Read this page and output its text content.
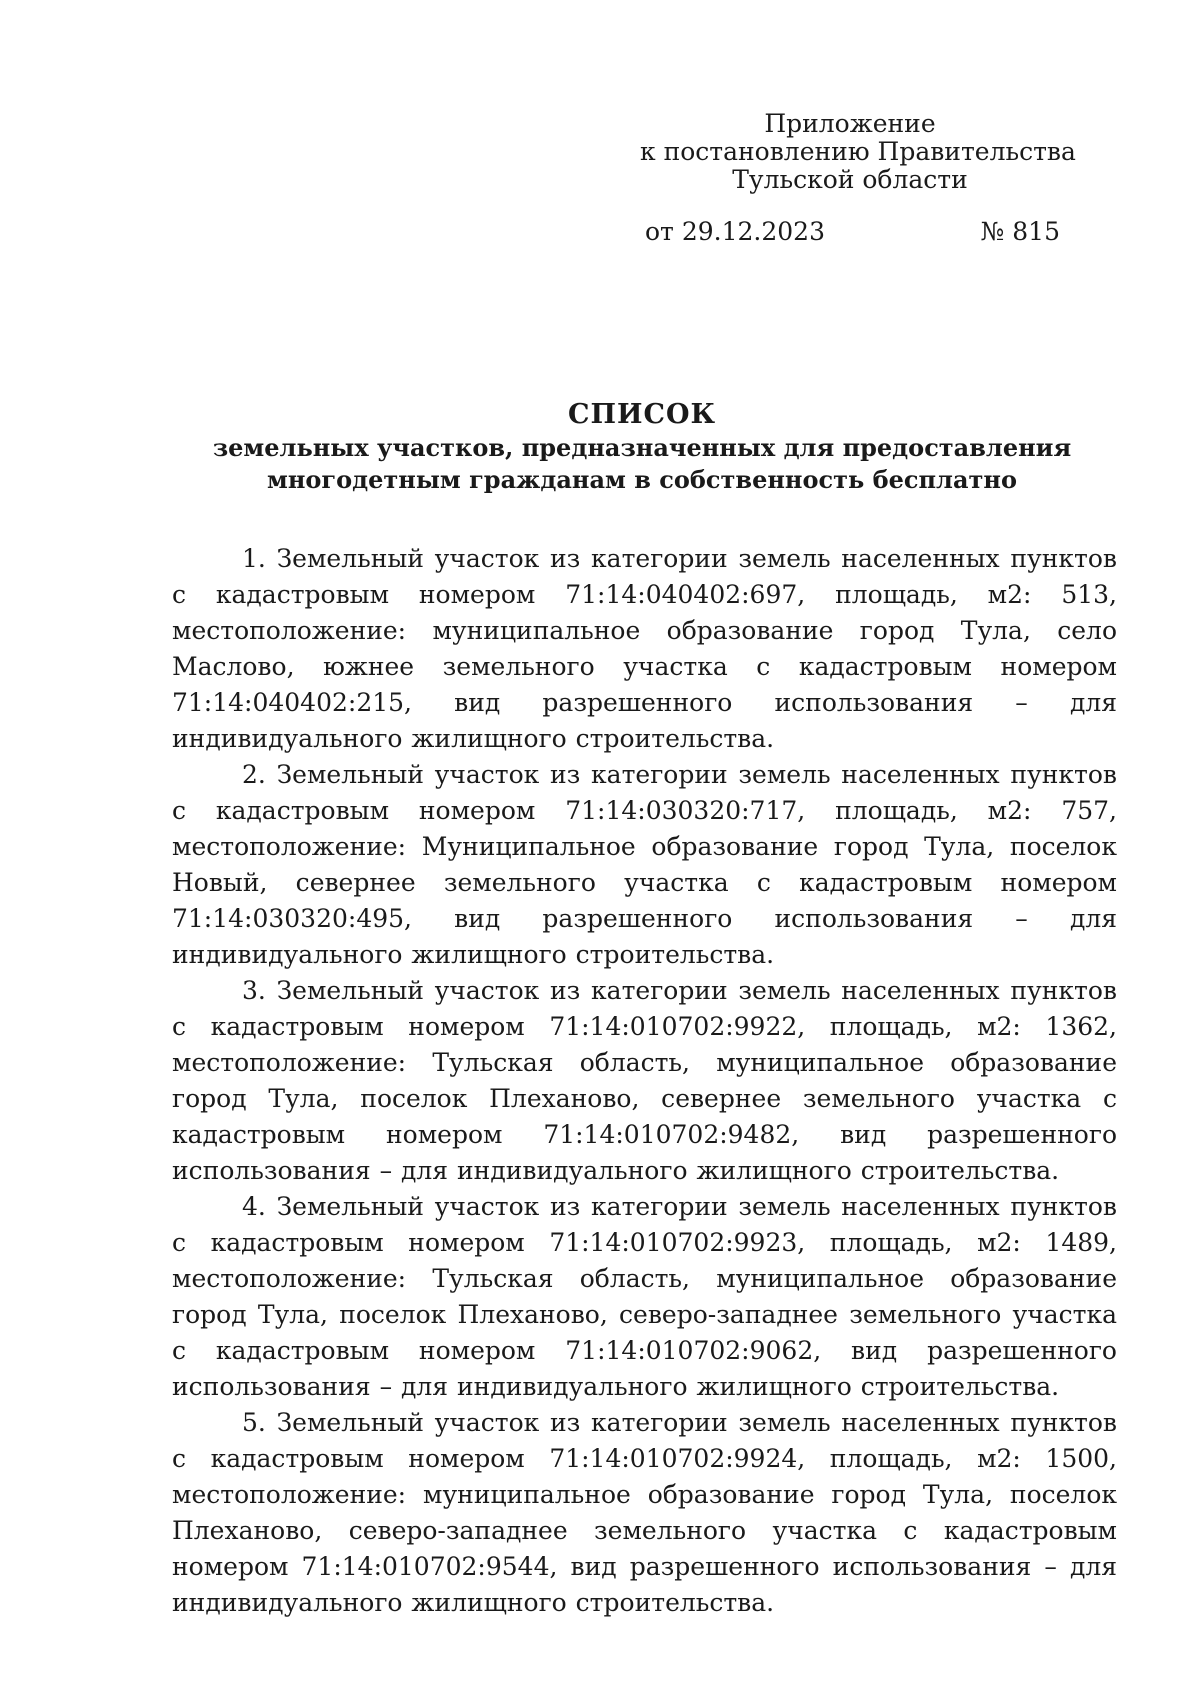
Приложение
к постановлению Правительства
Тульской области
от 29.12.2023	№ 815
СПИСОК
земельных участков, предназначенных для предоставления
многодетным гражданам в собственность бесплатно

1. Земельный участок из категории земель населенных пунктов с кадастровым номером 71:14:040402:697, площадь, м2: 513, местоположение: муниципальное образование город Тула, село Маслово, южнее земельного участка с кадастровым номером 71:14:040402:215, вид разрешенного использования – для индивидуального жилищного строительства.

2. Земельный участок из категории земель населенных пунктов с кадастровым номером 71:14:030320:717, площадь, м2: 757, местоположение: Муниципальное образование город Тула, поселок Новый, севернее земельного участка с кадастровым номером 71:14:030320:495, вид разрешенного использования – для индивидуального жилищного строительства.

3. Земельный участок из категории земель населенных пунктов с кадастровым номером 71:14:010702:9922, площадь, м2: 1362, местоположение: Тульская область, муниципальное образование город Тула, поселок Плеханово, севернее земельного участка с кадастровым номером 71:14:010702:9482, вид разрешенного использования – для индивидуального жилищного строительства.

4. Земельный участок из категории земель населенных пунктов с кадастровым номером 71:14:010702:9923, площадь, м2: 1489, местоположение: Тульская область, муниципальное образование город Тула, поселок Плеханово, северо-западнее земельного участка с кадастровым номером 71:14:010702:9062, вид разрешенного использования – для индивидуального жилищного строительства.

5. Земельный участок из категории земель населенных пунктов с кадастровым номером 71:14:010702:9924, площадь, м2: 1500, местоположение: муниципальное образование город Тула, поселок Плеханово, северо-западнее земельного участка с кадастровым номером 71:14:010702:9544, вид разрешенного использования – для индивидуального жилищного строительства.
